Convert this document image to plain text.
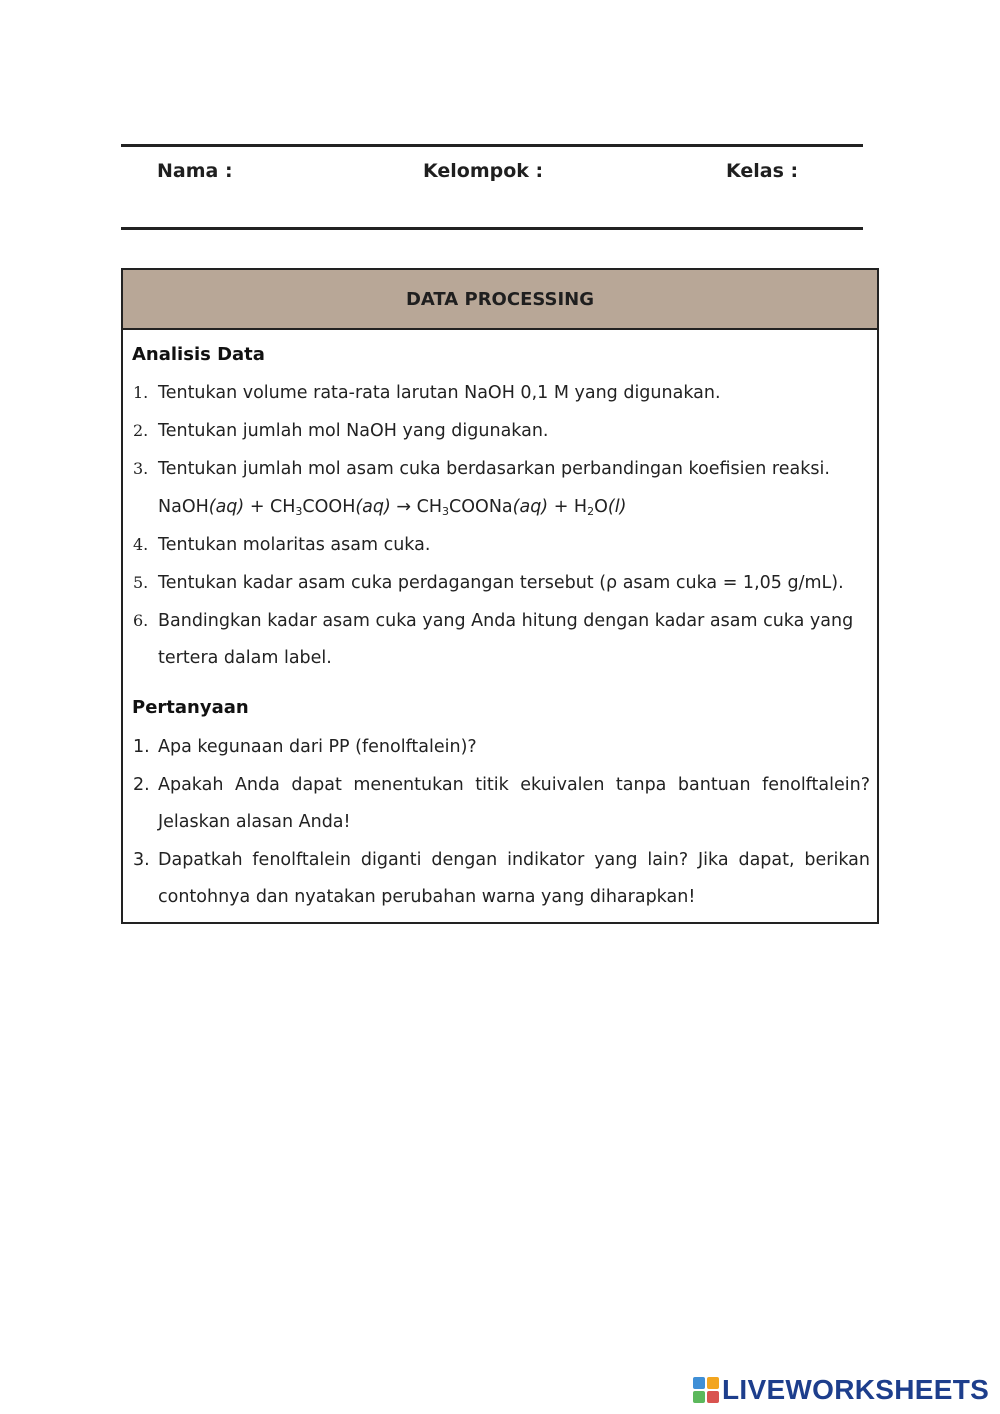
Nama :	Kelompok :	Kelas :
DATA PROCESSING
Analisis Data
1. Tentukan volume rata-rata larutan NaOH 0,1 M yang digunakan.
2. Tentukan jumlah mol NaOH yang digunakan.
3. Tentukan jumlah mol asam cuka berdasarkan perbandingan koefisien reaksi.
NaOH(aq) + $CH_3COOH(aq)$ → $CH_3COONa(aq) + H_2O(l)$
4. Tentukan molaritas asam cuka.
5. Tentukan kadar asam cuka perdagangan tersebut (ρ asam cuka = 1,05 g/mL).
6. Bandingkan kadar asam cuka yang Anda hitung dengan kadar asam cuka yang
tertera dalam label.
Pertanyaan
1. Apa kegunaan dari PP (fenolftalein)?
2. Apakah Anda dapat menentukan titik ekuivalen tanpa bantuan fenolftalein?
Jelaskan alasan Anda!
3. Dapatkah fenolftalein diganti dengan indikator yang lain? Jika dapat, berikan
contohnya dan nyatakan perubahan warna yang diharapkan!
LIVEWORKSHEETS
